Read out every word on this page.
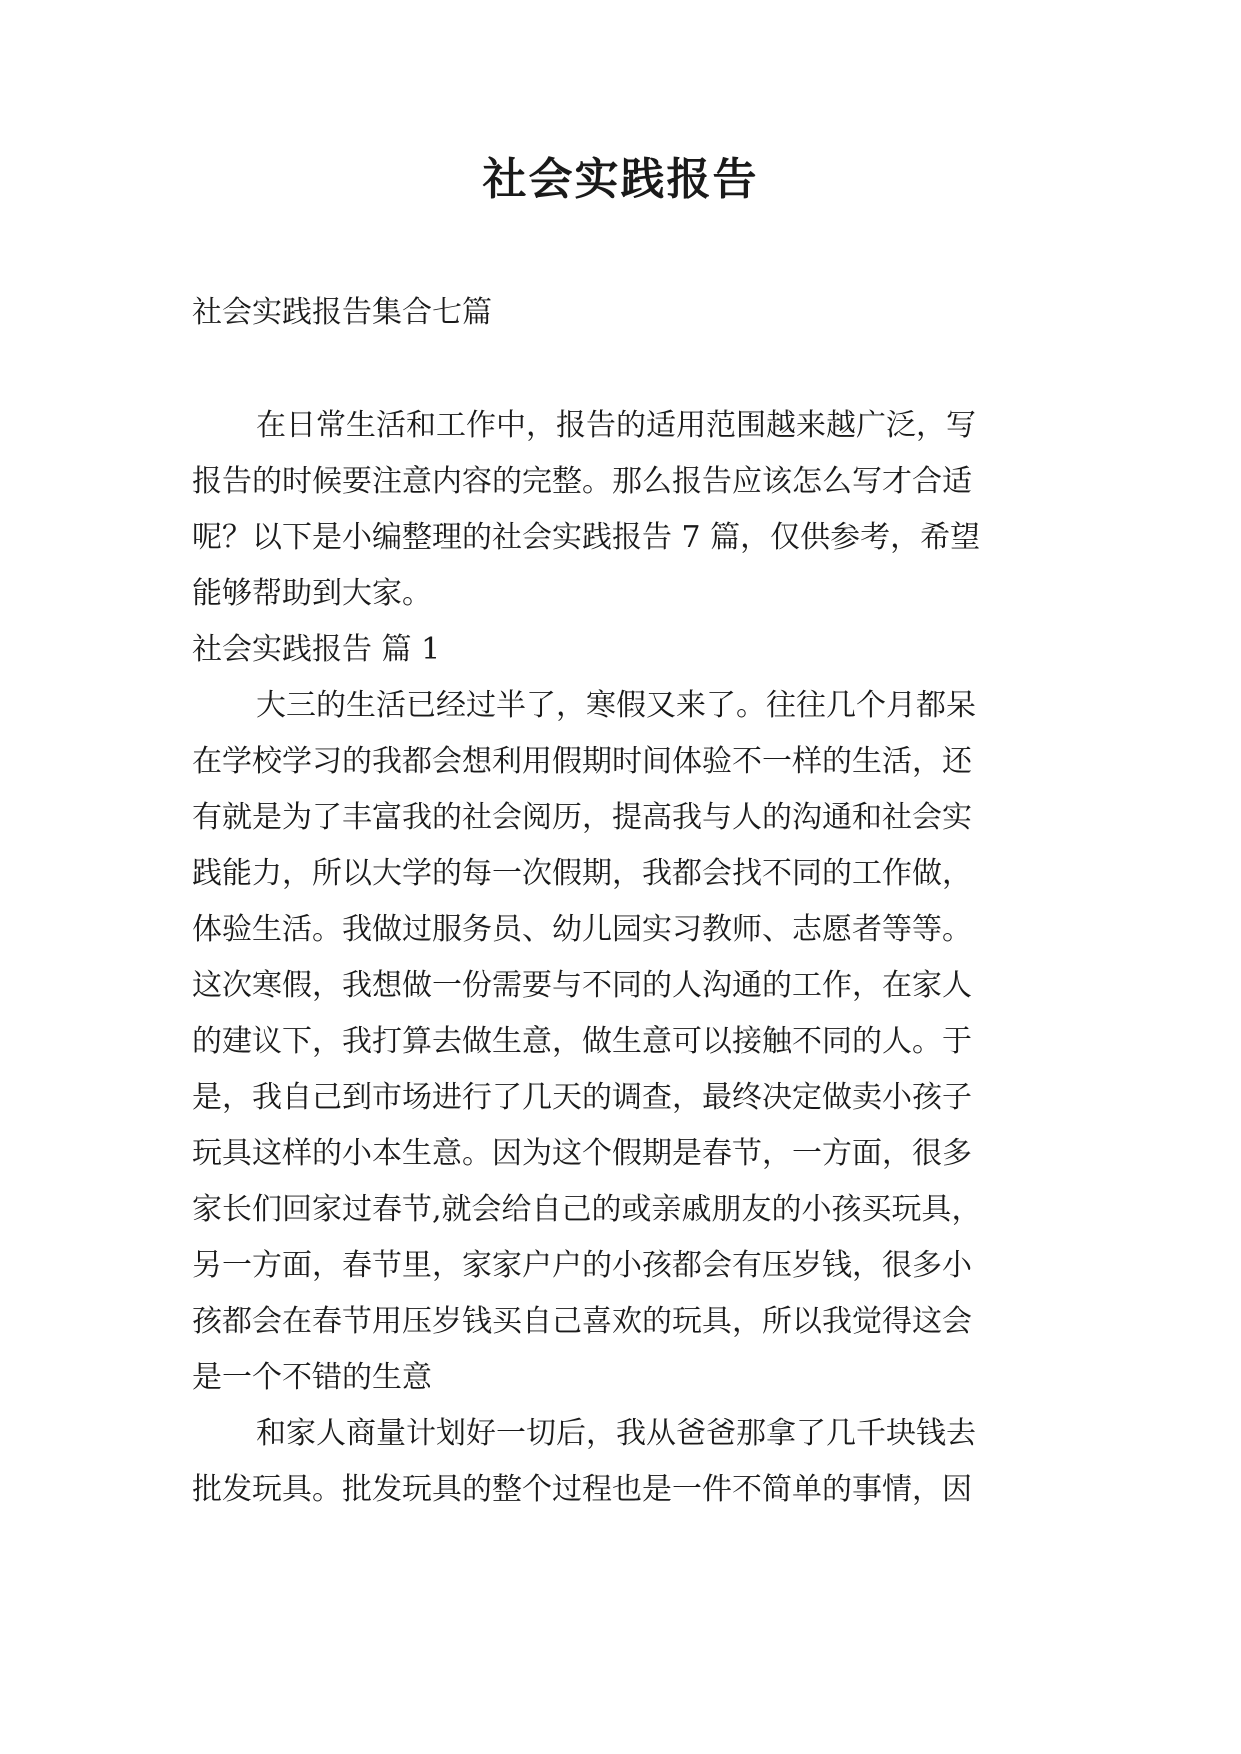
社会实践报告

社会实践报告集合七篇

在日常生活和工作中，报告的适用范围越来越广泛，写

报告的时候要注意内容的完整。那么报告应该怎么写才合适

呢？以下是小编整理的社会实践报告 7 篇，仅供参考，希望

能够帮助到大家。

社会实践报告 篇 1

大三的生活已经过半了，寒假又来了。往往几个月都呆

在学校学习的我都会想利用假期时间体验不一样的生活，还

有就是为了丰富我的社会阅历，提高我与人的沟通和社会实

践能力，所以大学的每一次假期，我都会找不同的工作做，

体验生活。我做过服务员、幼儿园实习教师、志愿者等等。

这次寒假，我想做一份需要与不同的人沟通的工作，在家人

的建议下，我打算去做生意，做生意可以接触不同的人。于

是，我自己到市场进行了几天的调查，最终决定做卖小孩子

玩具这样的小本生意。因为这个假期是春节，一方面，很多

家长们回家过春节,就会给自己的或亲戚朋友的小孩买玩具，

另一方面，春节里，家家户户的小孩都会有压岁钱，很多小

孩都会在春节用压岁钱买自己喜欢的玩具，所以我觉得这会

是一个不错的生意

和家人商量计划好一切后，我从爸爸那拿了几千块钱去

批发玩具。批发玩具的整个过程也是一件不简单的事情，因
